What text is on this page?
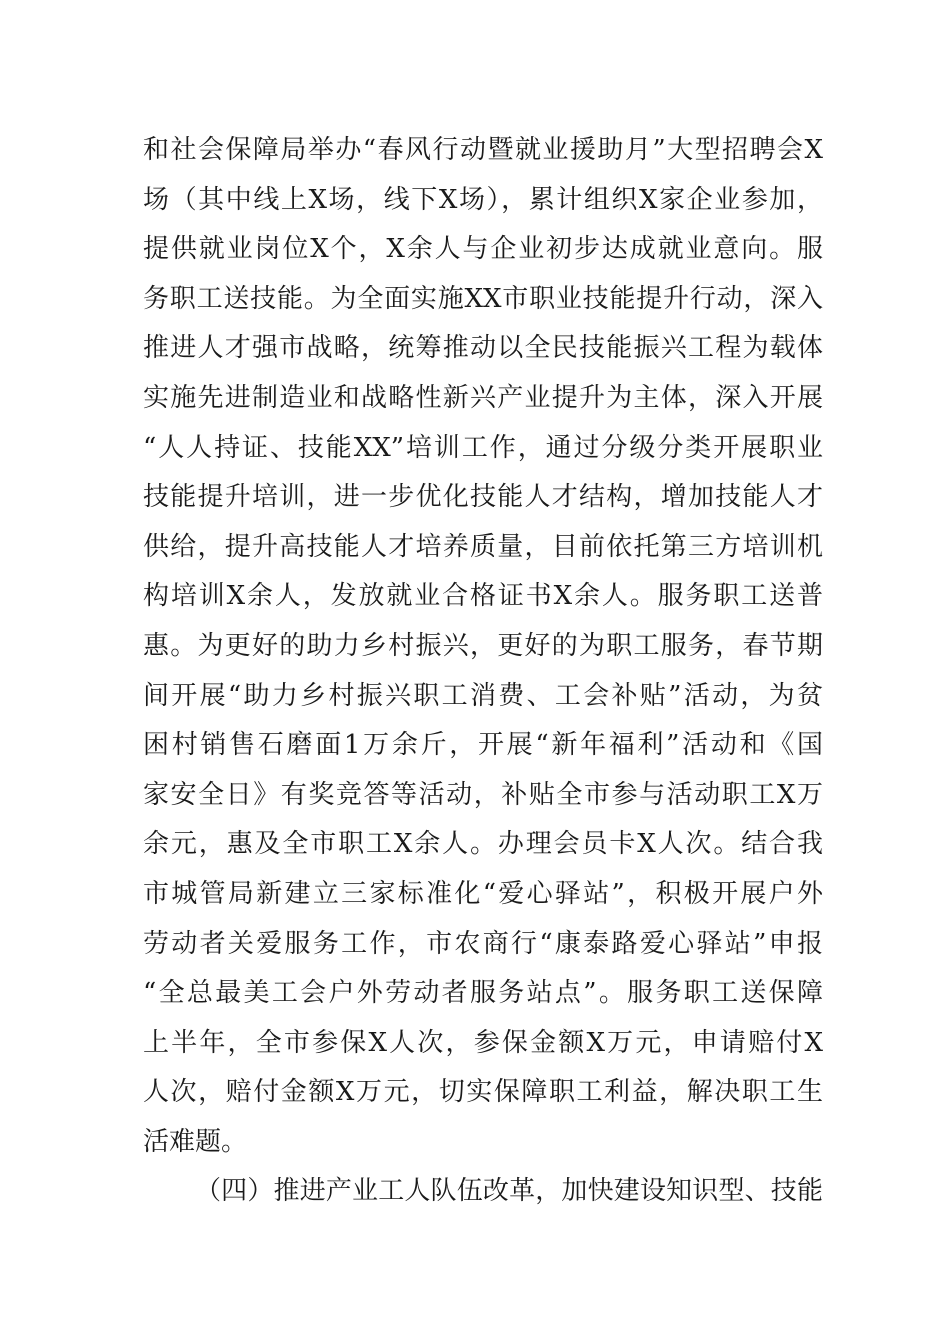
和社会保障局举办“春风行动暨就业援助月”大型招聘会X
场（其中线上X场，线下X场），累计组织X家企业参加，
提供就业岗位X个，X余人与企业初步达成就业意向。服
务职工送技能。为全面实施XX市职业技能提升行动，深入
推进人才强市战略，统筹推动以全民技能振兴工程为载体
实施先进制造业和战略性新兴产业提升为主体，深入开展
“人人持证、技能XX”培训工作，通过分级分类开展职业
技能提升培训，进一步优化技能人才结构，增加技能人才
供给，提升高技能人才培养质量，目前依托第三方培训机
构培训X余人，发放就业合格证书X余人。服务职工送普
惠。为更好的助力乡村振兴，更好的为职工服务，春节期
间开展“助力乡村振兴职工消费、工会补贴”活动，为贫
困村销售石磨面1万余斤，开展“新年福利”活动和《国
家安全日》有奖竞答等活动，补贴全市参与活动职工X万
余元，惠及全市职工X余人。办理会员卡X人次。结合我
市城管局新建立三家标准化“爱心驿站”，积极开展户外
劳动者关爱服务工作，市农商行“康泰路爱心驿站”申报
“全总最美工会户外劳动者服务站点”。服务职工送保障
上半年，全市参保X人次，参保金额X万元，申请赔付X
人次，赔付金额X万元，切实保障职工利益，解决职工生
活难题。
（四）推进产业工人队伍改革，加快建设知识型、技能
